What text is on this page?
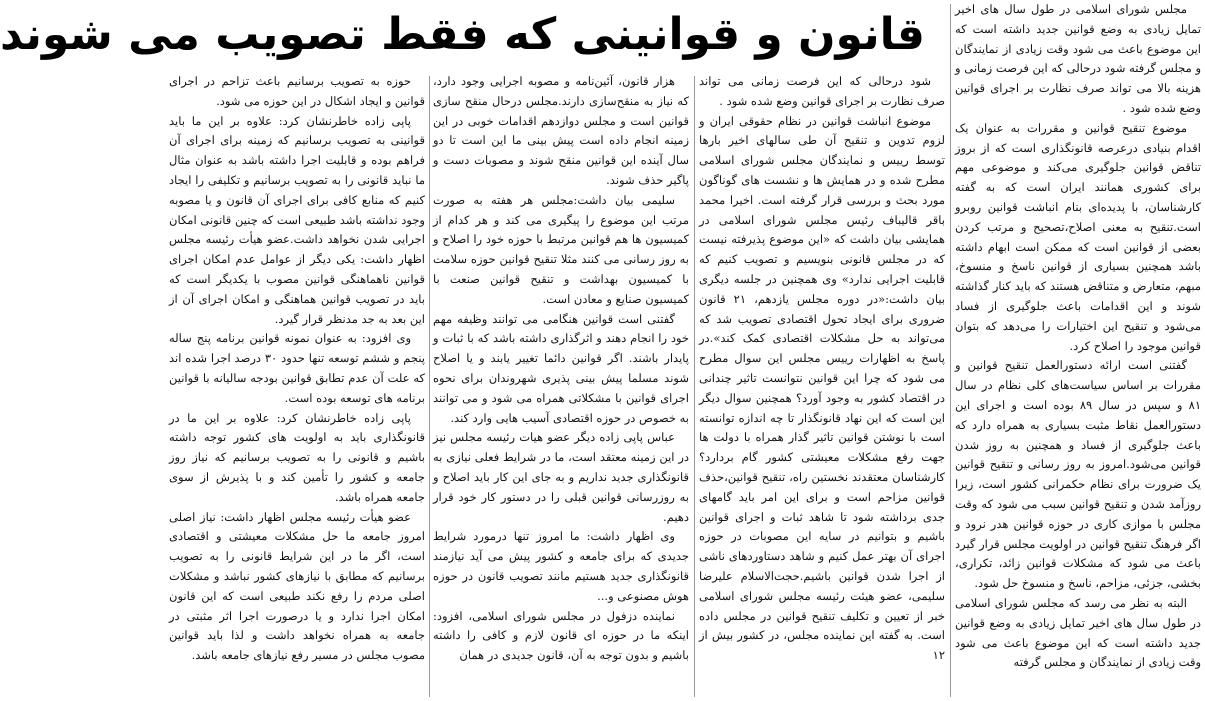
قانون و قوانینی که فقط تصویب می شوند	مجلس شورای اسلامی در طول سال های اخیر تمایل زیادی به وضع قوانین جدید داشته است که این موضوع باعث می شود وقت زیادی از نمایندگان و مجلس گرفته شود درحالی که این فرصت زمانی و هزینه بالا می تواند صرف نظارت بر اجرای قوانین وضع شده شود .

موضوع تنقیح قوانین و مقررات به عنوان یک اقدام بنیادی درعرصه قانونگذاری است که از بروز تناقض قوانین جلوگیری می‌کند و موضوعی مهم برای کشوری همانند ایران است که به گفته کارشناسان، با پدیده‌ای بنام انباشت قوانین روبرو است.تنقیح به معنی اصلاح،تصحیح و مرتب کردن بعضی از قوانین است که ممکن است ابهام داشته باشد همچنین بسیاری از قوانین ناسخ و منسوخ، مبهم، متعارض و متناقض هستند که باید کنار گذاشته شوند و این اقدامات باعث جلوگیری از فساد می‌شود و تنقیح این اختیارات را می‌دهد که بتوان قوانین موجود را اصلاح کرد.

گفتنی است ارائه دستورالعمل تنقیح قوانین و مقررات بر اساس سیاست‌های کلی نظام در سال ۸۱ و سپس در سال ۸۹ بوده است و اجرای این دستورالعمل نقاط مثبت بسیاری به همراه دارد که باعث جلوگیری از فساد و همچنین به روز شدن قوانین می‌شود.امروز به روز رسانی و تنقیح قوانین یک ضرورت برای نظام حکمرانی کشور است، زیرا روزآمد شدن و تنقیح قوانین سبب می شود که وقت مجلس با موازی کاری در حوزه قوانین هدر نرود و اگر فرهنگ تنقیح قوانین در اولویت مجلس قرار گیرد باعث می شود که مشکلات قوانین زائد، تکراری، بخشی، جزئی، مزاحم، ناسخ و منسوخ حل شود.

البته به نظر می رسد که مجلس شورای اسلامی در طول سال های اخیر تمایل زیادی به وضع قوانین جدید داشته است که این موضوع باعث می شود وقت زیادی از نمایندگان و مجلس گرفته

شود درحالی که این فرصت زمانی می تواند صرف نظارت بر اجرای قوانین وضع شده شود .

موضوع انباشت قوانین در نظام حقوقی ایران و لزوم تدوین و تنقیح آن طی سالهای اخیر بارها توسط رییس و نمایندگان مجلس شورای اسلامی مطرح شده و در همایش ها و نشست های گوناگون مورد بحث و بررسی قرار گرفته است. اخیرا محمد باقر قالیباف رئیس مجلس شورای اسلامی در همایشی بیان داشت که «این موضوع پذیرفته نیست که در مجلس قانونی بنویسیم و تصویب کنیم که قابلیت اجرایی ندارد» وی همچنین در جلسه دیگری بیان داشت:«در دوره مجلس یازدهم، ۲۱ قانون ضروری برای ایجاد تحول اقتصادی تصویب شد که می‌تواند به حل مشکلات اقتصادی کمک کند».در پاسخ به اظهارات رییس مجلس این سوال مطرح می شود که چرا این قوانین نتوانست تاثیر چندانی در اقتصاد کشور به وجود آورد؟ همچنین سوال دیگر این است که این نهاد قانونگذار تا چه اندازه توانسته است با نوشتن قوانین تاثیر گذار همراه با دولت ها جهت رفع مشکلات معیشتی کشور گام بردارد؟کارشناسان معتقدند نخستین راه، تنقیح قوانین،حذف قوانین مزاحم است و برای این امر باید گامهای جدی برداشته شود تا شاهد ثبات و اجرای قوانین باشیم و بتوانیم در سایه این مصوبات در حوزه اجرای آن بهتر عمل کنیم و شاهد دستاوردهای ناشی از اجرا شدن قوانین باشیم.حجت‌الاسلام علیرضا سلیمی، عضو هیئت رئیسه مجلس شورای اسلامی خبر از تعیین و تکلیف تنقیح قوانین در مجلس داده است. به گفته این نماینده مجلس، در کشور بیش از ۱۲

هزار قانون، آئین‌نامه و مصوبه اجرایی وجود دارد، که نیاز به منقح‌سازی دارند.مجلس درحال منقح سازی قوانین است و مجلس دوازدهم اقدامات خوبی در این زمینه انجام داده است پیش بینی ما این است تا دو سال آینده این قوانین منقح شوند و مصوبات دست و پاگیر حذف شوند.

سلیمی بیان داشت:مجلس هر هفته به صورت مرتب این موضوع را پیگیری می کند و هر کدام از کمیسیون ها هم قوانین مرتبط با حوزه خود را اصلاح و به روز رسانی می کنند مثلا تنقیح قوانین حوزه سلامت با کمیسیون بهداشت و تنقیح قوانین صنعت با کمیسیون صنایع و معادن است.

گفتنی است قوانین هنگامی می توانند وظیفه مهم خود را انجام دهند و اثرگذاری داشته باشد که با ثبات و پایدار باشند. اگر قوانین دائما تغییر یابند و یا اصلاح شوند مسلما پیش بینی پذیری شهروندان برای نحوه اجرای قوانین با مشکلاتی همراه می شود و می توانند به خصوص در حوزه اقتصادی آسیب هایی وارد کند.

عباس پاپی زاده دیگر عضو هیات رئیسه مجلس نیز در این زمینه معتقد است، ما در شرایط فعلی نیازی به قانونگذاری جدید نداریم و به جای این کار باید اصلاح و به روزرسانی قوانین قبلی را در دستور کار خود قرار دهیم.

وی اظهار داشت: ما امروز تنها درمورد شرایط جدیدی که برای جامعه و کشور پیش می آید نیازمند قانونگذاری جدید هستیم مانند تصویب قانون در حوزه هوش مصنوعی و...

نماینده دزفول در مجلس شورای اسلامی، افزود: اینکه ما در حوزه ای قانون لازم و کافی را داشته باشیم و بدون توجه به آن، قانون جدیدی در همان

حوزه به تصویب برسانیم باعث تزاحم در اجرای قوانین و ایجاد اشکال در این حوزه می شود.

پاپی زاده خاطرنشان کرد: علاوه بر این ما باید قوانینی به تصویب برسانیم که زمینه برای اجرای آن فراهم بوده و قابلیت اجرا داشته باشد به عنوان مثال ما نباید قانونی را به تصویب برسانیم و تکلیفی را ایجاد کنیم که منابع کافی برای اجرای آن قانون و یا مصوبه وجود نداشته باشد طبیعی است که چنین قانونی امکان اجرایی شدن نخواهد داشت.عضو هیأت رئیسه مجلس اظهار داشت: یکی دیگر از عوامل عدم امکان اجرای قوانین ناهماهنگی قوانین مصوب با یکدیگر است که باید در تصویب قوانین هماهنگی و امکان اجرای آن از این بعد به جد مدنظر قرار گیرد.

وی افزود: به عنوان نمونه قوانین برنامه پنج ساله پنجم و ششم توسعه تنها حدود ۳۰ درصد اجرا شده اند که علت آن عدم تطابق قوانین بودجه سالیانه با قوانین برنامه های توسعه بوده است.

پاپی زاده خاطرنشان کرد: علاوه بر این ما در قانونگذاری باید به اولویت های کشور توجه داشته باشیم و قانونی را به تصویب برسانیم که نیاز روز جامعه و کشور را تأمین کند و با پذیرش از سوی جامعه همراه باشد.

عضو هیأت رئیسه مجلس اظهار داشت: نیاز اصلی امروز جامعه ما حل مشکلات معیشتی و اقتصادی است، اگر ما در این شرایط قانونی را به تصویب برسانیم که مطابق با نیازهای کشور نباشد و مشکلات اصلی مردم را رفع نکند طبیعی است که این قانون امکان اجرا ندارد و یا درصورت اجرا اثر مثبتی در جامعه به همراه نخواهد داشت و لذا باید قوانین مصوب مجلس در مسیر رفع نیازهای جامعه باشد.
